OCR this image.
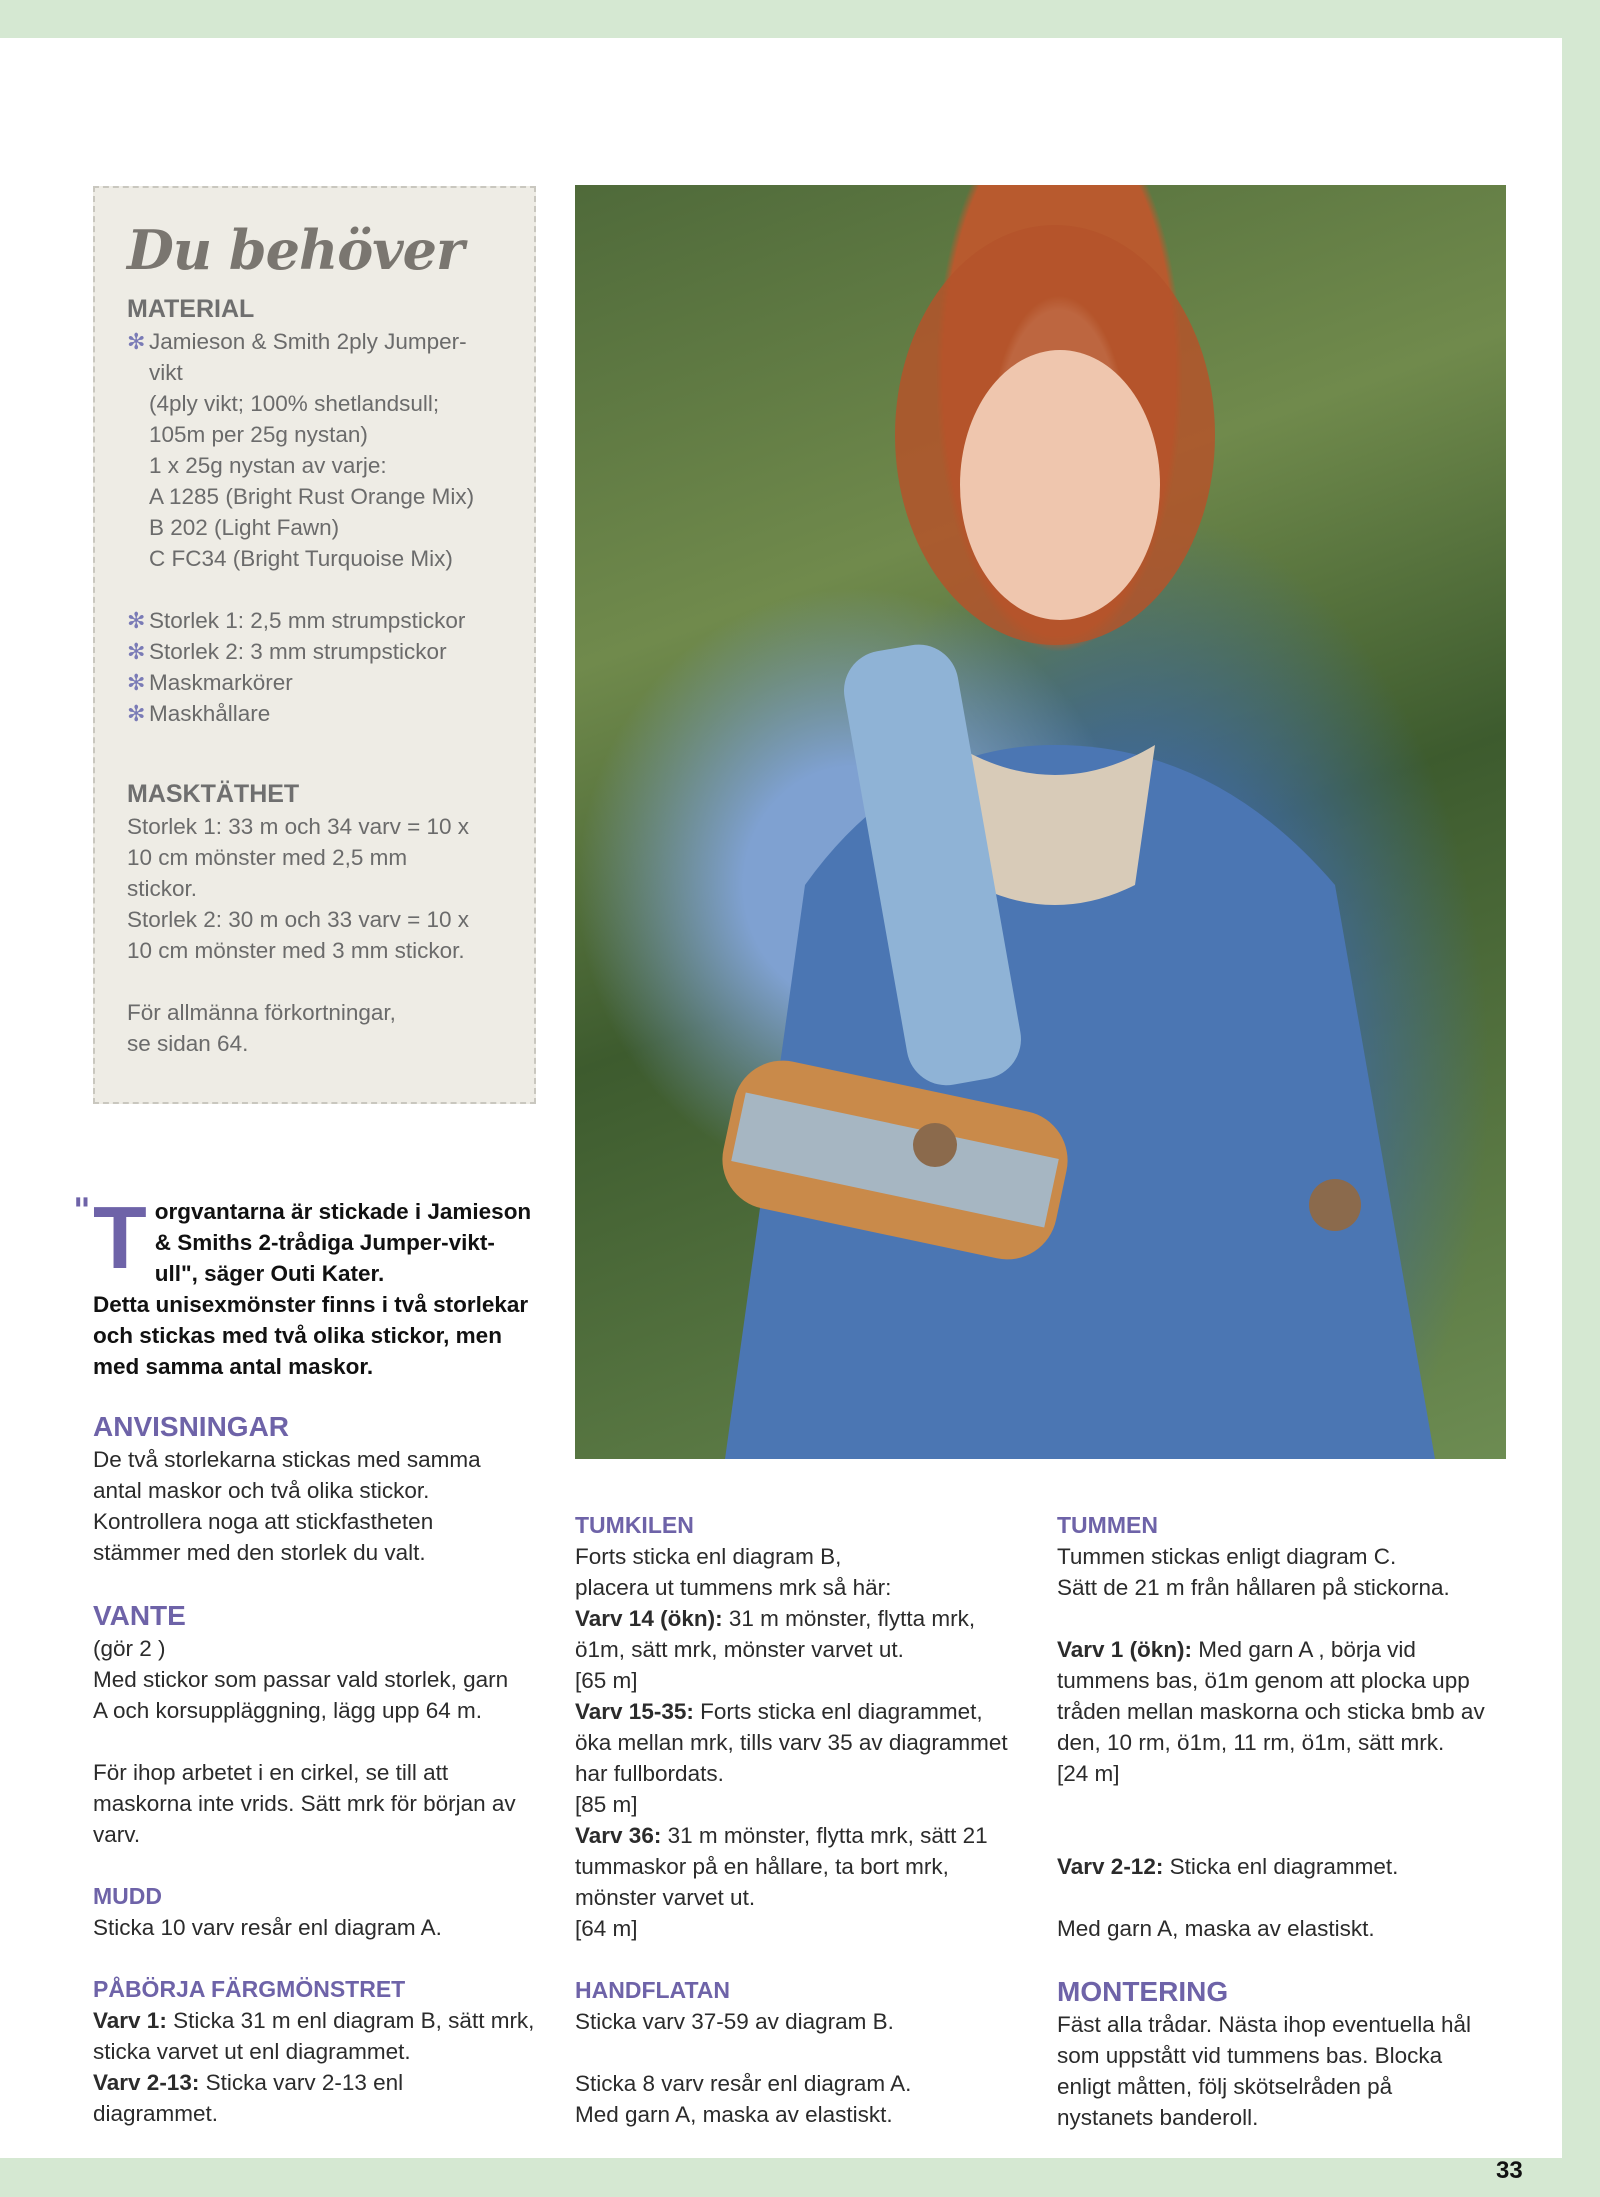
Du behöver
MATERIAL
✻ Jamieson & Smith 2ply Jumper-
vikt
(4ply vikt; 100% shetlandsull;
105m per 25g nystan)
1 x 25g nystan av varje:
A 1285 (Bright Rust Orange Mix)
B 202 (Light Fawn)
C FC34 (Bright Turquoise Mix)
✻ Storlek 1: 2,5 mm strumpstickor
✻ Storlek 2: 3 mm strumpstickor
✻ Maskmarkörer
✻ Maskhållare
MASKTÄTHET
Storlek 1: 33 m och 34 varv = 10 x
10 cm mönster med 2,5 mm
stickor.
Storlek 2: 30 m och 33 varv = 10 x
10 cm mönster med 3 mm stickor.
För allmänna förkortningar,
se sidan 64.
" T orgvantarna är stickade i Jamieson
& Smiths 2-trådiga Jumper-vikt-
ull", säger Outi Kater.
Detta unisexmönster finns i två storlekar
och stickas med två olika stickor, men
med samma antal maskor.
ANVISNINGAR
De två storlekarna stickas med samma
antal maskor och två olika stickor.
Kontrollera noga att stickfastheten
stämmer med den storlek du valt.
VANTE
(gör 2 )
Med stickor som passar vald storlek, garn
A och korsuppläggning, lägg upp 64 m.
För ihop arbetet i en cirkel, se till att
maskorna inte vrids. Sätt mrk för början av
varv.
MUDD
Sticka 10 varv resår enl diagram A.
PÅBÖRJA FÄRGMÖNSTRET
Varv 1: Sticka 31 m enl diagram B, sätt mrk,
sticka varvet ut enl diagrammet.
Varv 2-13: Sticka varv 2-13 enl
diagrammet.
TUMKILEN
Forts sticka enl diagram B,
placera ut tummens mrk så här:
Varv 14 (ökn): 31 m mönster, flytta mrk,
ö1m, sätt mrk, mönster varvet ut.
[65 m]
Varv 15-35: Forts sticka enl diagrammet,
öka mellan mrk, tills varv 35 av diagrammet
har fullbordats.
[85 m]
Varv 36: 31 m mönster, flytta mrk, sätt 21
tummaskor på en hållare, ta bort mrk,
mönster varvet ut.
[64 m]
HANDFLATAN
Sticka varv 37-59 av diagram B.
Sticka 8 varv resår enl diagram A.
Med garn A, maska av elastiskt.
TUMMEN
Tummen stickas enligt diagram C.
Sätt de 21 m från hållaren på stickorna.
Varv 1 (ökn): Med garn A , börja vid
tummens bas, ö1m genom att plocka upp
tråden mellan maskorna och sticka bmb av
den, 10 rm, ö1m, 11 rm, ö1m, sätt mrk.
[24 m]
Varv 2-12: Sticka enl diagrammet.
Med garn A, maska av elastiskt.
MONTERING
Fäst alla trådar. Nästa ihop eventuella hål
som uppstått vid tummens bas. Blocka
enligt måtten, följ skötselråden på
nystanets banderoll.
33
